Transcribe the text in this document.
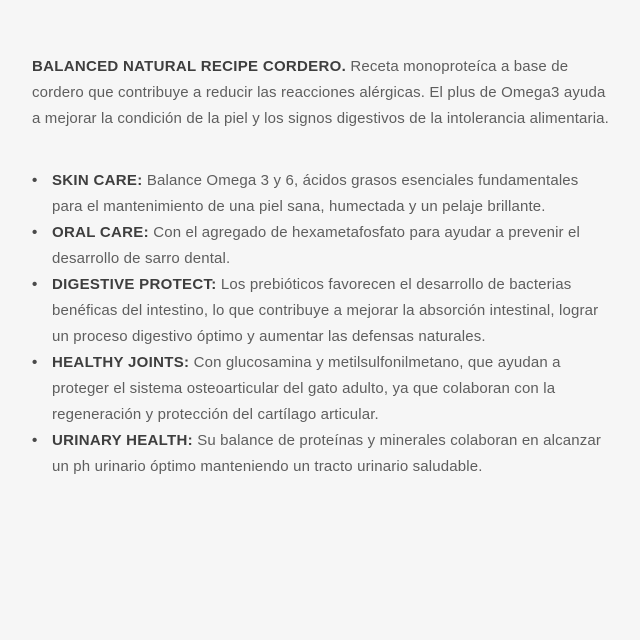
BALANCED NATURAL RECIPE CORDERO. Receta monoproteíca a base de cordero que contribuye a reducir las reacciones alérgicas. El plus de Omega3 ayuda a mejorar la condición de la piel y los signos digestivos de la intolerancia alimentaria.

• SKIN CARE: Balance Omega 3 y 6, ácidos grasos esenciales fundamentales para el mantenimiento de una piel sana, humectada y un pelaje brillante.
• ORAL CARE: Con el agregado de hexametafosfato para ayudar a prevenir el desarrollo de sarro dental.
• DIGESTIVE PROTECT: Los prebióticos favorecen el desarrollo de bacterias benéficas del intestino, lo que contribuye a mejorar la absorción intestinal, lograr un proceso digestivo óptimo y aumentar las defensas naturales.
• HEALTHY JOINTS: Con glucosamina y metilsulfonilmetano, que ayudan a proteger el sistema osteoarticular del gato adulto, ya que colaboran con la regeneración y protección del cartílago articular.
• URINARY HEALTH: Su balance de proteínas y minerales colaboran en alcanzar un ph urinario óptimo manteniendo un tracto urinario saludable.
